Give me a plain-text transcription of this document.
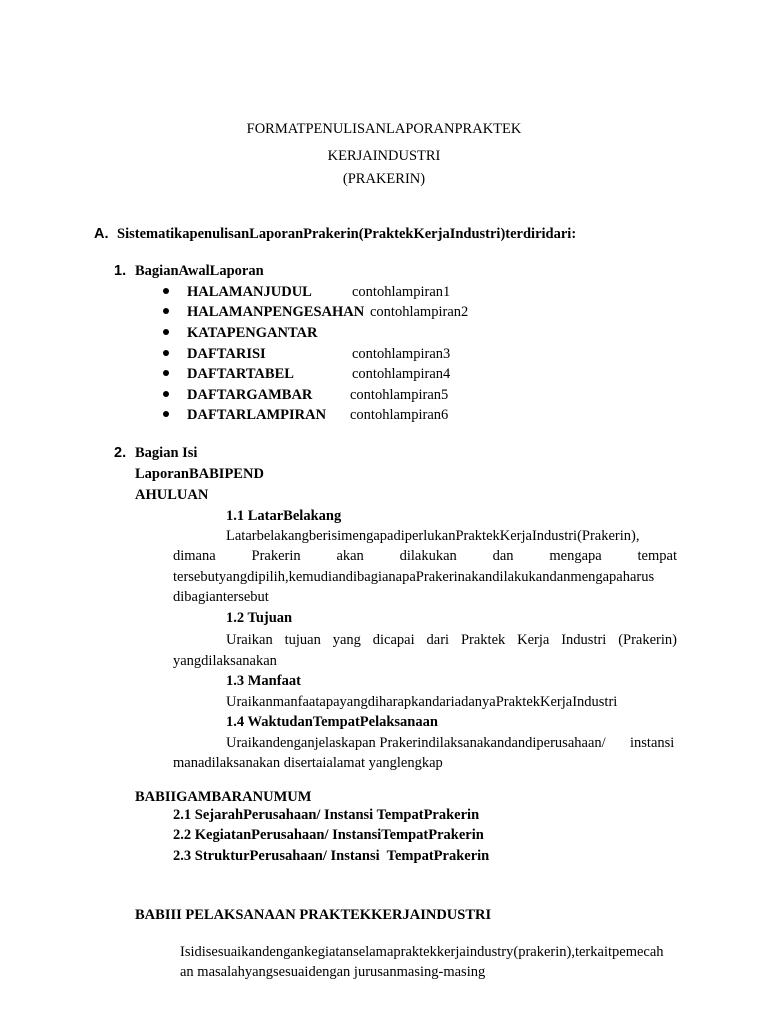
FORMATPENULISANLAPORANPRAKTEK
KERJAINDUSTRI
(PRAKERIN)
A. SistematikapenulisanLaporanPrakerin(PraktekKerjaIndustri)terdiridari:
1. BagianAwalLaporan
HALAMANJUDUL	contohlampiran1
HALAMANPENGESAHAN contohlampiran2
KATAPENGANTAR
DAFTARISI	contohlampiran3
DAFTARTABEL	contohlampiran4
DAFTARGAMBAR	contohlampiran5
DAFTARLAMPIRAN contohlampiran6
2. Bagian Isi
LaporanBABIPEND
AHULUAN
1.1 LatarBelakang
LatarbelakangberisimengapadiperlukanPraktekKerjaIndustri(Prakerin),
dimana Prakerin akan dilakukan dan mengapa tempat
tersebutyangdipilih,kemudiandibagianapaPrakerinakandilakukandanmengapaharus
dibagiantersebut
1.2 Tujuan
Uraikan tujuan yang dicapai dari Praktek Kerja Industri (Prakerin)
yangdilaksanakan
1.3 Manfaat
UraikanmanfaatapayangdiharapkandariadanyaPraktekKerjaIndustri
1.4 WaktudanTempatPelaksanaan
Uraikandenganjelaskapan Prakerindilaksanakandandiperusahaan/ instansi
manadilaksanakan disertaialamat yanglengkap
BABIIGAMBARANUMUM
2.1 SejarahPerusahaan/ Instansi TempatPrakerin
2.2 KegiatanPerusahaan/ InstansiTempatPrakerin
2.3 StrukturPerusahaan/ Instansi  TempatPrakerin
BABIII PELAKSANAAN PRAKTEKKERJAINDUSTRI
Isidisesuaikandengankegiatanselamapraktekkerjaindustry(prakerin),terkaitpemecah
an masalahyangsesuaidengan jurusanmasing-masing
